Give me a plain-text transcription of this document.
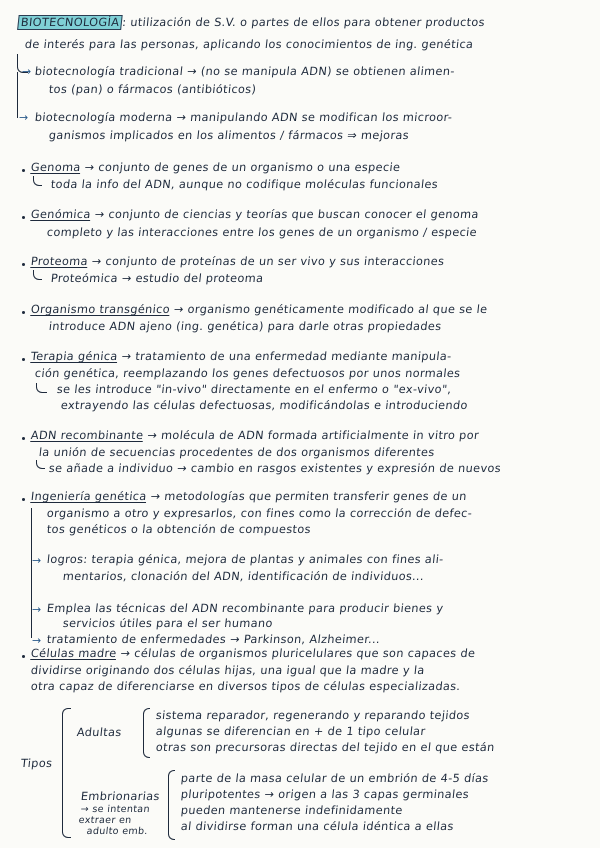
BIOTECNOLOGÍA : utilización de S.V. o partes de ellos para obtener productos
de interés para las personas, aplicando los conocimientos de ing. genética
→ biotecnología tradicional → (no se manipula ADN) se obtienen alimen-
tos (pan) o fármacos (antibióticos)
→ biotecnología moderna → manipulando ADN se modifican los microor-
ganismos implicados en los alimentos / fármacos ⇒ mejoras
Genoma → conjunto de genes de un organismo o una especie
toda la info del ADN, aunque no codifique moléculas funcionales
Genómica → conjunto de ciencias y teorías que buscan conocer el genoma
completo y las interacciones entre los genes de un organismo / especie
Proteoma → conjunto de proteínas de un ser vivo y sus interacciones
Proteómica → estudio del proteoma
Organismo transgénico → organismo genéticamente modificado al que se le
introduce ADN ajeno (ing. genética) para darle otras propiedades
Terapia génica → tratamiento de una enfermedad mediante manipula-
ción genética, reemplazando los genes defectuosos por unos normales
se les introduce "in-vivo" directamente en el enfermo o "ex-vivo",
extrayendo las células defectuosas, modificándolas e introduciendo
ADN recombinante → molécula de ADN formada artificialmente in vitro por
la unión de secuencias procedentes de dos organismos diferentes
se añade a individuo → cambio en rasgos existentes y expresión de nuevos
Ingeniería genética → metodologías que permiten transferir genes de un
organismo a otro y expresarlos, con fines como la corrección de defec-
tos genéticos o la obtención de compuestos
→ logros: terapia génica, mejora de plantas y animales con fines ali-
mentarios, clonación del ADN, identificación de individuos...
→ Emplea las técnicas del ADN recombinante para producir bienes y
servicios útiles para el ser humano
→ tratamiento de enfermedades → Parkinson, Alzheimer...
Células madre → células de organismos pluricelulares que son capaces de
dividirse originando dos células hijas, una igual que la madre y la
otra capaz de diferenciarse en diversos tipos de células especializadas.
Tipos
Adultas
sistema reparador, regenerando y reparando tejidos
algunas se diferencian en + de 1 tipo celular
otras son precursoras directas del tejido en el que están
Embrionarias
→ se intentan
extraer en
adulto emb.
parte de la masa celular de un embrión de 4-5 días
pluripotentes → origen a las 3 capas germinales
pueden mantenerse indefinidamente
al dividirse forman una célula idéntica a ellas
